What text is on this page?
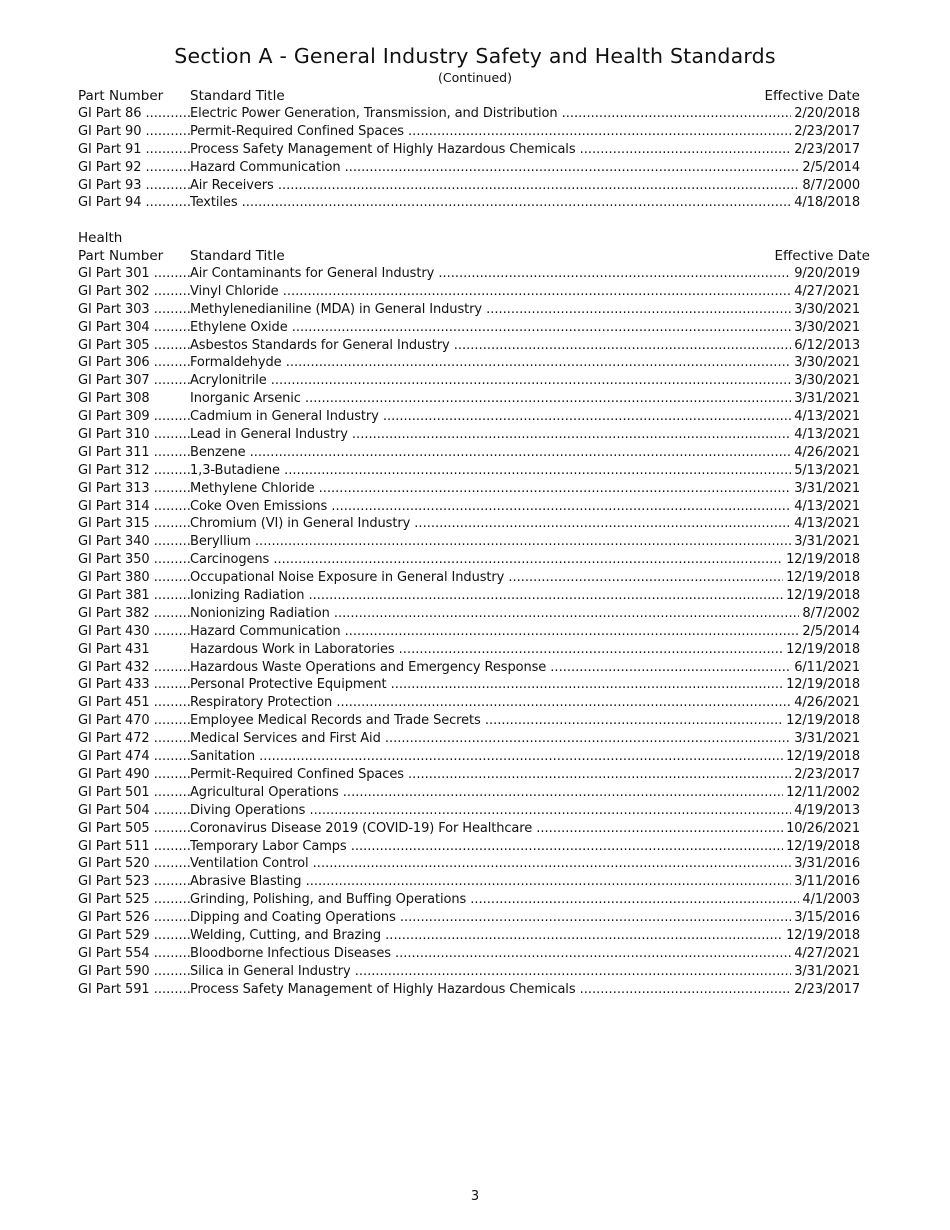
Section A - General Industry Safety and Health Standards
(Continued)
Part Number	Standard Title	Effective Date
GI Part 86 .....	Electric Power Generation, Transmission, and Distribution .....	2/20/2018
GI Part 90 .....	Permit-Required Confined Spaces .....	2/23/2017
GI Part 91 .....	Process Safety Management of Highly Hazardous Chemicals .....	2/23/2017
GI Part 92 .....	Hazard Communication .....	2/5/2014
GI Part 93 .....	Air Receivers .....	8/7/2000
GI Part 94 .....	Textiles .....	4/18/2018
Health
Part Number	Standard Title	Effective Date
GI Part 301 .....	Air Contaminants for General Industry .....	9/20/2019
GI Part 302 .....	Vinyl Chloride .....	4/27/2021
GI Part 303 .....	Methylenedianiline (MDA) in General Industry .....	3/30/2021
GI Part 304 .....	Ethylene Oxide .....	3/30/2021
GI Part 305 .....	Asbestos Standards for General Industry .....	6/12/2013
GI Part 306 .....	Formaldehyde .....	3/30/2021
GI Part 307 .....	Acrylonitrile .....	3/30/2021
GI Part 308	Inorganic Arsenic .....	3/31/2021
GI Part 309 .....	Cadmium in General Industry .....	4/13/2021
GI Part 310 .....	Lead in General Industry .....	4/13/2021
GI Part 311 .....	Benzene .....	4/26/2021
GI Part 312 .....	1,3-Butadiene .....	5/13/2021
GI Part 313 .....	Methylene Chloride .....	3/31/2021
GI Part 314 .....	Coke Oven Emissions .....	4/13/2021
GI Part 315 .....	Chromium (VI) in General Industry .....	4/13/2021
GI Part 340 .....	Beryllium .....	3/31/2021
GI Part 350 .....	Carcinogens .....	12/19/2018
GI Part 380 .....	Occupational Noise Exposure in General Industry .....	12/19/2018
GI Part 381 .....	Ionizing Radiation .....	12/19/2018
GI Part 382 .....	Nonionizing Radiation .....	8/7/2002
GI Part 430 .....	Hazard Communication .....	2/5/2014
GI Part 431	Hazardous Work in Laboratories .....	12/19/2018
GI Part 432 .....	Hazardous Waste Operations and Emergency Response .....	6/11/2021
GI Part 433 .....	Personal Protective Equipment .....	12/19/2018
GI Part 451 .....	Respiratory Protection .....	4/26/2021
GI Part 470 .....	Employee Medical Records and Trade Secrets .....	12/19/2018
GI Part 472 .....	Medical Services and First Aid .....	3/31/2021
GI Part 474 .....	Sanitation .....	12/19/2018
GI Part 490 .....	Permit-Required Confined Spaces .....	2/23/2017
GI Part 501 .....	Agricultural Operations .....	12/11/2002
GI Part 504 .....	Diving Operations .....	4/19/2013
GI Part 505 .....	Coronavirus Disease 2019 (COVID-19) For Healthcare .....	10/26/2021
GI Part 511 .....	Temporary Labor Camps .....	12/19/2018
GI Part 520 .....	Ventilation Control .....	3/31/2016
GI Part 523 .....	Abrasive Blasting .....	3/11/2016
GI Part 525 .....	Grinding, Polishing, and Buffing Operations .....	4/1/2003
GI Part 526 .....	Dipping and Coating Operations .....	3/15/2016
GI Part 529 .....	Welding, Cutting, and Brazing .....	12/19/2018
GI Part 554 .....	Bloodborne Infectious Diseases .....	4/27/2021
GI Part 590 .....	Silica in General Industry .....	3/31/2021
GI Part 591 .....	Process Safety Management of Highly Hazardous Chemicals .....	2/23/2017
3
